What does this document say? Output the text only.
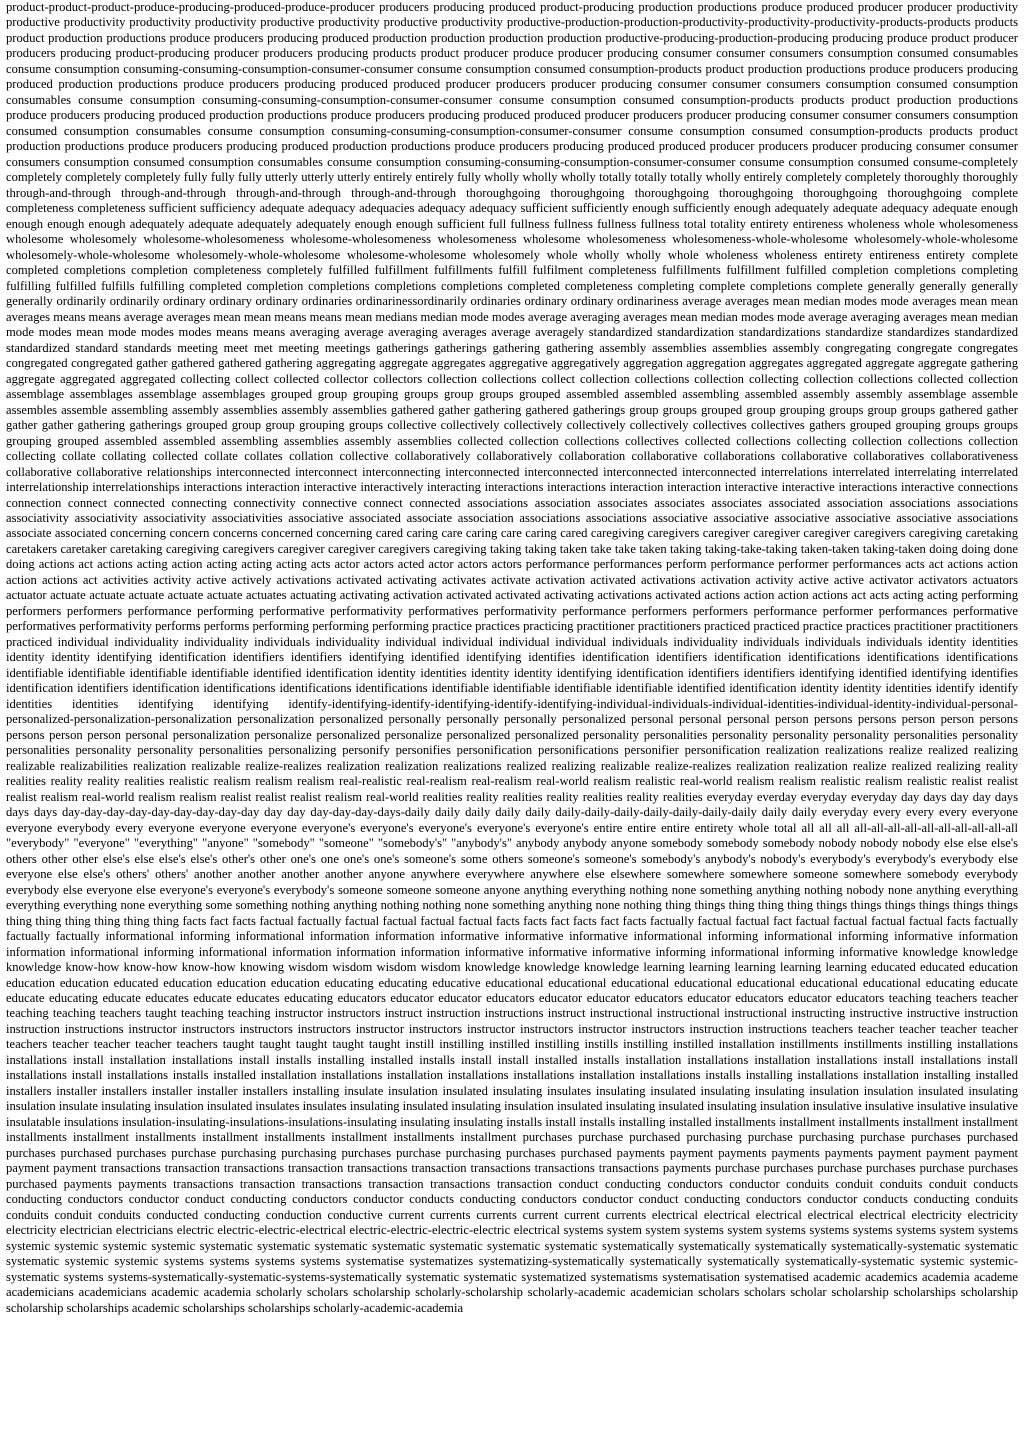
product-product-product-produce-producing-produced-produce-producer producers producing produced product-producing production productions produce produced producer producer productivity productive productivity productivity productivity productive productivity productive productivity productive-production-production-productivity-productivity-productivity-products-products products product production productions produce producers producing produced production production production production productive-producing-production-producing producing produce product producer producers producing product-producing producer producers producing products product producer produce producer producing consumer consumer consumers consumption consumed consumables consume consumption consuming-consuming-consumption-consumer-consumer consume consumption consumed consumption-products product production productions produce producers producing produced production productions produce producers producing produced produced producer producers producer producing consumer consumer consumers consumption consumed consumption consumables consume consumption consuming-consuming-consumption-consumer-consumer consume consumption consumed consumption-products products product production productions produce producers producing produced production productions produce producers producing produced produced producer producers producer producing consumer consumer consumers consumption consumed consumption consumables consume consumption consuming-consuming-consumption-consumer-consumer consume consumption consumed consumption-products products product production productions produce producers producing produced production productions produce producers producing produced produced producer producers producer producing consumer consumer consumers consumption consumed consumption consumables consume consumption consuming-consuming-consumption-consumer-consumer consume consumption consumed consume-completely completely completely completely fully fully fully utterly utterly utterly entirely entirely fully wholly wholly wholly totally totally totally wholly entirely completely completely thoroughly thoroughly through-and-through through-and-through through-and-through through-and-through thoroughgoing thoroughgoing thoroughgoing thoroughgoing thoroughgoing thoroughgoing complete completeness completeness sufficient sufficiency adequate adequacy adequacies adequacy adequacy sufficient sufficiently enough sufficiently enough adequately adequate adequacy adequate enough enough enough enough adequately adequate adequately adequately enough enough sufficient full fullness fullness fullness fullness total totality entirety entireness wholeness whole wholesomeness wholesome wholesomely wholesome-wholesomeness wholesome-wholesomeness wholesomeness wholesome wholesomeness wholesomeness-whole-wholesome wholesomely-whole-wholesome wholesomely-whole-wholesome wholesomely-whole-wholesome wholesome-wholesome wholesomely whole wholly wholly whole wholeness wholeness entirety entireness entirety complete completed completions completion completeness completely fulfilled fulfillment fulfillments fulfill fulfilment completeness fulfillments fulfillment fulfilled completion completions completing fulfilling fulfilled fulfills fulfilling completed completion completions completions completions completed completeness completing complete completions complete generally generally generally generally ordinarily ordinarily ordinary ordinary ordinary ordinaries ordinarinessordinarily ordinaries ordinary ordinary ordinariness average averages mean median modes mode averages mean mean averages means means average averages mean mean means means mean medians median mode modes average averaging averages mean median modes mode average averaging averages mean median mode modes mean mode modes modes means means averaging average averaging averages average averagely standardized standardization standardizations standardize standardizes standardized standardized standard standards meeting meet met meeting meetings gatherings gatherings gathering gathering assembly assemblies assemblies assembly congregating congregate congregates congregated congregated gather gathered gathered gathering aggregating aggregate aggregates aggregative aggregatively aggregation aggregation aggregates aggregated aggregate aggregate gathering aggregate aggregated aggregated collecting collect collected collector collectors collection collections collect collection collections collection collecting collection collections collected collection assemblage assemblages assemblage assemblages grouped group grouping groups group groups grouped assembled assembled assembling assembled assembly assembly assemblage assemble assembles assemble assembling assembly assemblies assembly assemblies gathered gather gathering gathered gatherings group groups grouped group grouping groups group groups gathered gather gather gather gathering gatherings grouped group group grouping groups collective collectively collectively collectively collectively collectives collectives gathers grouped grouping groups groups grouping grouped assembled assembled assembling assemblies assembly assemblies collected collection collections collectives collected collections collecting collection collections collection collecting collate collating collected collate collates collation collective collaboratively collaboratively collaboration collaborative collaborations collaborative collaboratives collaborativeness collaborative collaborative relationships interconnected interconnect interconnecting interconnected interconnected interconnected interconnected interrelations interrelated interrelating interrelated interrelationship interrelationships interactions interaction interactive interactively interacting interactions interactions interaction interaction interactive interactive interactions interactive connections connection connect connected connecting connectivity connective connect connected associations association associates associates associates associated association associations associations associativity associativity associativity associativities associative associated associate association associations associations associative associative associative associative associative associations associate associated concerning concern concerns concerned concerning cared caring care caring care caring cared caregiving caregivers caregiver caregiver caregiver caregivers caregiving caretaking caretakers caretaker caretaking caregiving caregivers caregiver caregiver caregivers caregiving taking taking taken take take taken taking taking-take-taking taken-taken taking-taken doing doing done doing actions act actions acting action acting acting acting acts actor actors acted actor actors actors performance performances perform performance performer performances acts act actions action action actions act activities activity active actively activations activated activating activates activate activation activated activations activation activity active active activator activators actuators actuator actuate actuate actuate actuate actuate actuates actuating activating activation activated activated activating activations activated actions action action actions act acts acting acting performing performers performers performance performing performative performativity performatives performativity performance performers performers performance performer performances performative performatives performativity performs performs performing performing performing practice practices practicing practitioner practitioners practiced practiced practice practices practitioner practitioners practiced individual individuality individuality individuals individuality individual individual individual individual individuals individuality individuals individuals individuals identity identities identity identity identifying identification identifiers identifiers identifying identified identifying identifies identification identifiers identification identifications identifications identifications identifiable identifiable identifiable identifiable identified identification identity identities identity identity identifying identification identifiers identifiers identifying identified identifying identifies identification identifiers identification identifications identifications identifications identifiable identifiable identifiable identifiable identified identification identity identity identities identify identify identities identities identifying identifying identify-identifying-identify-identifying-identify-identifying-individual-individuals-individual-identities-individual-identity-individual-personal-personalized-personalization-personalization personalization personalized personally personally personally personalized personal personal personal person persons persons person person persons persons person person personal personalization personalize personalized personalize personalized personalized personality personalities personality personality personality personalities personality personalities personality personality personalities personalizing personify personifies personification personifications personifier personification realization realizations realize realized realizing realizable realizabilities realization realizable realize-realizes realization realization realizations realized realizing realizable realize-realizes realization realization realize realized realizing reality realities reality reality realities realistic realism realism realism real-realistic real-realism real-realism real-world realism realistic real-world realism realism realistic realism realistic realist realist realist realism real-world realism realism realist realist realist realism real-world realities reality realities reality realities reality realities everyday everday everyday everyday day days day day days days days day-day-day-day-day-day-day-day-day day day day-day-day-days-daily daily daily daily daily daily-daily-daily-daily-daily-daily-daily daily daily everyday every every every everyone everyone everybody every everyone everyone everyone everyone's everyone's everyone's everyone's everyone's entire entire entire entirety whole total all all all all-all-all-all-all-all-all-all-all-all "everybody" "everyone" "everything" "anyone" "somebody" "someone" "somebody's" "anybody's" anybody anybody anyone somebody somebody somebody nobody nobody nobody else else else's others other other else's else else's else's other's other one's one one's one's someone's some others someone's someone's somebody's anybody's nobody's everybody's everybody's everybody else everyone else else's others' others' another another another another anyone anywhere everywhere anywhere else elsewhere somewhere somewhere someone somewhere somebody everybody everybody else everyone else everyone's everyone's everybody's someone someone someone anyone anything everything nothing none something anything nothing nobody none anything everything everything everything none everything some something nothing anything nothing nothing none something anything none nothing thing things thing thing thing things things things things things things thing thing thing thing thing thing facts fact facts factual factually factual factual factual factual facts facts fact facts fact facts factually factual factual fact factual factual factual factual facts factually factually factually informational informing informational information information informative informative informative informational informing informational informing informative information information informational informing informational information information information informative informative informative informing informational informing informative knowledge knowledge knowledge know-how know-how know-how knowing wisdom wisdom wisdom wisdom knowledge knowledge knowledge learning learning learning learning learning educated educated education education education educated education education education educating educating educative educational educational educational educational educational educational educational educating educate educate educating educate educates educate educates educating educators educator educator educators educator educator educators educator educators educator educators teaching teachers teacher teaching teaching teachers taught teaching teaching instructor instructors instruct instruction instructions instruct instructional instructional instructional instructing instructive instructive instruction instruction instructions instructor instructors instructors instructors instructor instructors instructor instructors instructor instructors instruction instructions teachers teacher teacher teacher teacher teachers teacher teacher teacher teachers taught taught taught taught taught instill instilling instilled instilling instills instilling instilled installation instillments instillments instilling installations installations install installation installations install installs installing installed installs install install installed installs installation installations installation installations install installations install installations install installations installs installed installation installations installation installations installations installation installations installs installing installations installation installing installed installers installer installers installer installer installers installing insulate insulation insulated insulating insulates insulating insulated insulating insulating insulation insulation insulated insulating insulation insulate insulating insulation insulated insulates insulates insulating insulated insulating insulation insulated insulating insulated insulating insulation insulative insulative insulative insulative insulatable insulations insulation-insulating-insulations-insulations-insulating insulating insulating installs install installs installing installed installments installment installments installment installment installments installment installments installment installments installment installments installment purchases purchase purchased purchasing purchase purchasing purchase purchases purchased purchases purchased purchases purchase purchasing purchasing purchases purchase purchasing purchases purchased payments payment payments payments payments payment payment payment payment payment transactions transaction transactions transaction transactions transaction transactions transactions transactions payments purchase purchases purchase purchases purchase purchases purchased payments payments transactions transaction transactions transaction transactions transaction conduct conducting conductors conductor conduits conduit conduits conduit conducts conducting conductors conductor conduct conducting conductors conductor conducts conducting conductors conductor conduct conducting conductors conductor conducts conducting conduits conduits conduit conduits conducted conducting conduction conductive current currents currents current current currents electrical electrical electrical electrical electrical electricity electricity electricity electrician electricians electric electric-electric-electrical electric-electric-electric-electric electrical systems system system systems system systems systems systems systems system systems systemic systemic systemic systemic systematic systematic systematic systematic systematic systematic systematic systematically systematically systematically systematically-systematic systematic systematic systemic systemic systems systems systems systems systematise systematizes systematizing-systematically systematically systematically systematically-systematic systemic systemic-systematic systems systems-systematically-systematic-systems-systematically systematic systematic systematized systematisms systematisation systematised academic academics academia academe academicians academicians academic academia scholarly scholars scholarship scholarly-scholarship scholarly-academic academician scholars scholars scholar scholarship scholarships scholarship scholarship scholarships academic scholarships scholarships scholarly-academic-academia
